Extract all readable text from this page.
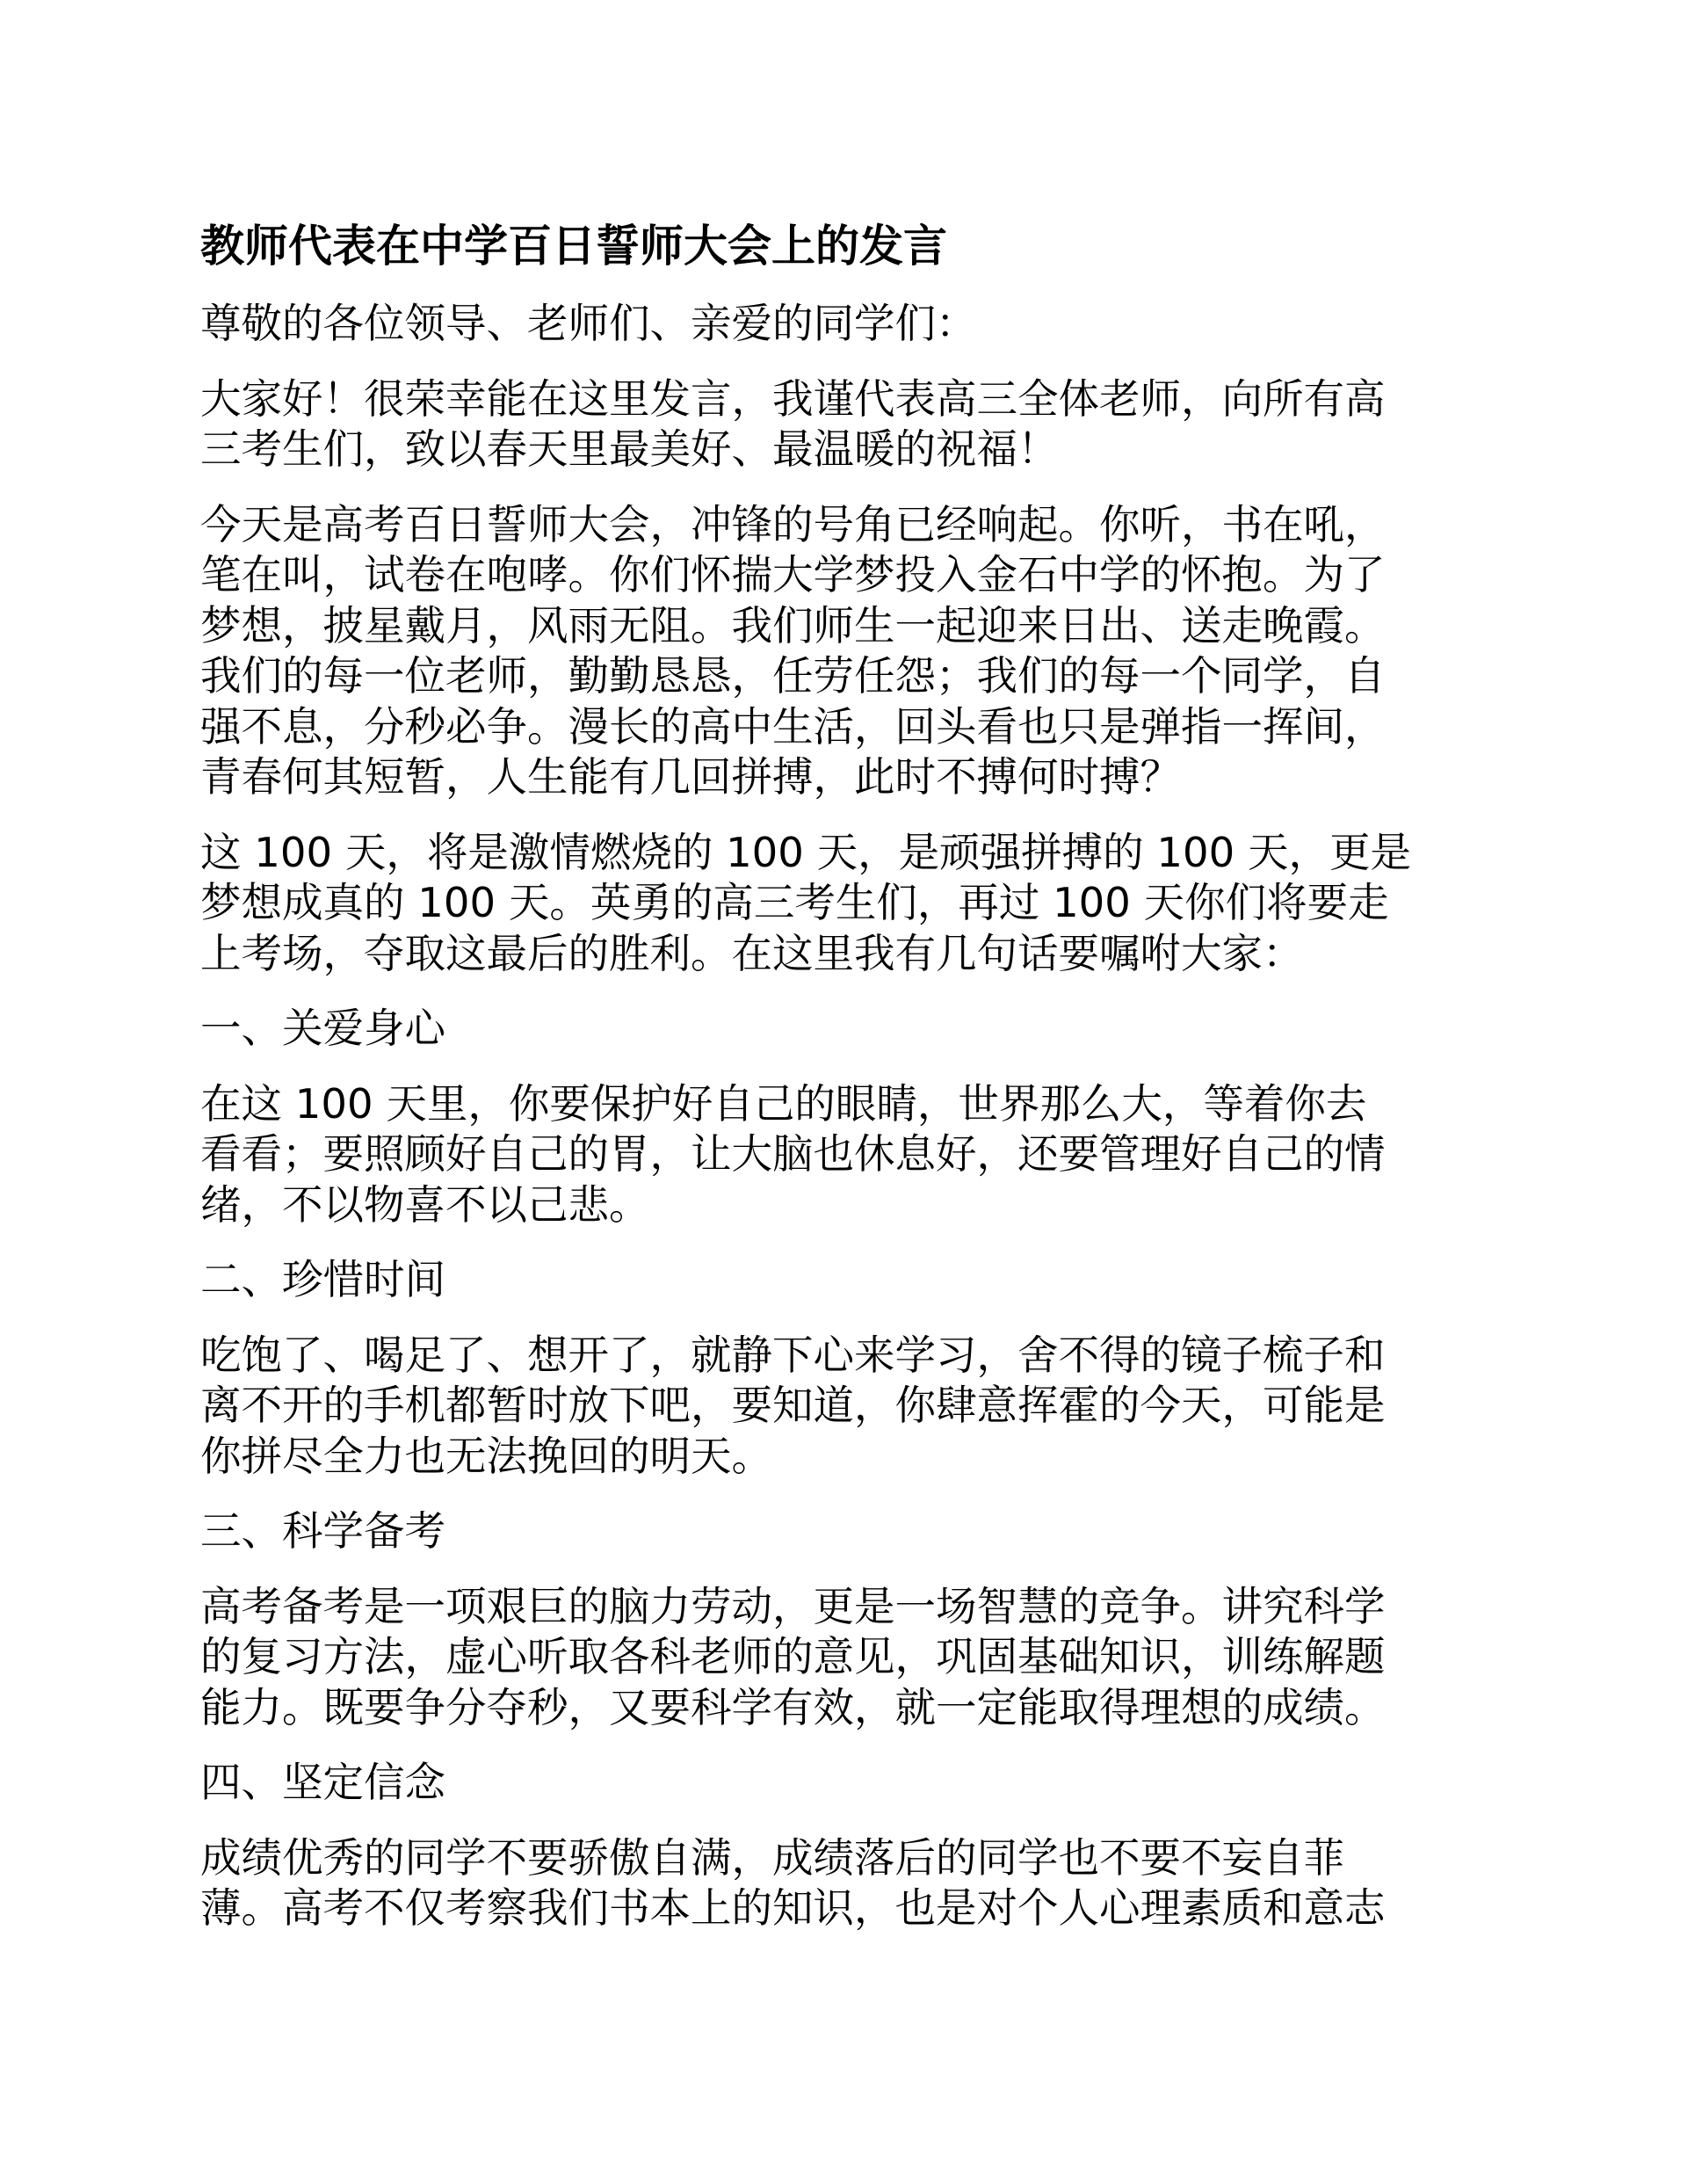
教师代表在中学百日誓师大会上的发言
尊敬的各位领导、老师们、亲爱的同学们：
大家好！很荣幸能在这里发言，我谨代表高三全体老师，向所有高
三考生们，致以春天里最美好、最温暖的祝福！
今天是高考百日誓师大会，冲锋的号角已经响起。你听，书在吼，
笔在叫，试卷在咆哮。你们怀揣大学梦投入金石中学的怀抱。为了
梦想，披星戴月，风雨无阻。我们师生一起迎来日出、送走晚霞。
我们的每一位老师，勤勤恳恳，任劳任怨；我们的每一个同学，自
强不息，分秒必争。漫长的高中生活，回头看也只是弹指一挥间，
青春何其短暂，人生能有几回拼搏，此时不搏何时搏？
这 100 天，将是激情燃烧的 100 天，是顽强拼搏的 100 天，更是
梦想成真的 100 天。英勇的高三考生们，再过 100 天你们将要走
上考场，夺取这最后的胜利。在这里我有几句话要嘱咐大家：
一、关爱身心
在这 100 天里，你要保护好自己的眼睛，世界那么大，等着你去
看看；要照顾好自己的胃，让大脑也休息好，还要管理好自己的情
绪，不以物喜不以己悲。
二、珍惜时间
吃饱了、喝足了、想开了，就静下心来学习，舍不得的镜子梳子和
离不开的手机都暂时放下吧，要知道，你肆意挥霍的今天，可能是
你拼尽全力也无法挽回的明天。
三、科学备考
高考备考是一项艰巨的脑力劳动，更是一场智慧的竞争。讲究科学
的复习方法，虚心听取各科老师的意见，巩固基础知识，训练解题
能力。既要争分夺秒，又要科学有效，就一定能取得理想的成绩。
四、坚定信念
成绩优秀的同学不要骄傲自满，成绩落后的同学也不要不妄自菲
薄。高考不仅考察我们书本上的知识，也是对个人心理素质和意志
